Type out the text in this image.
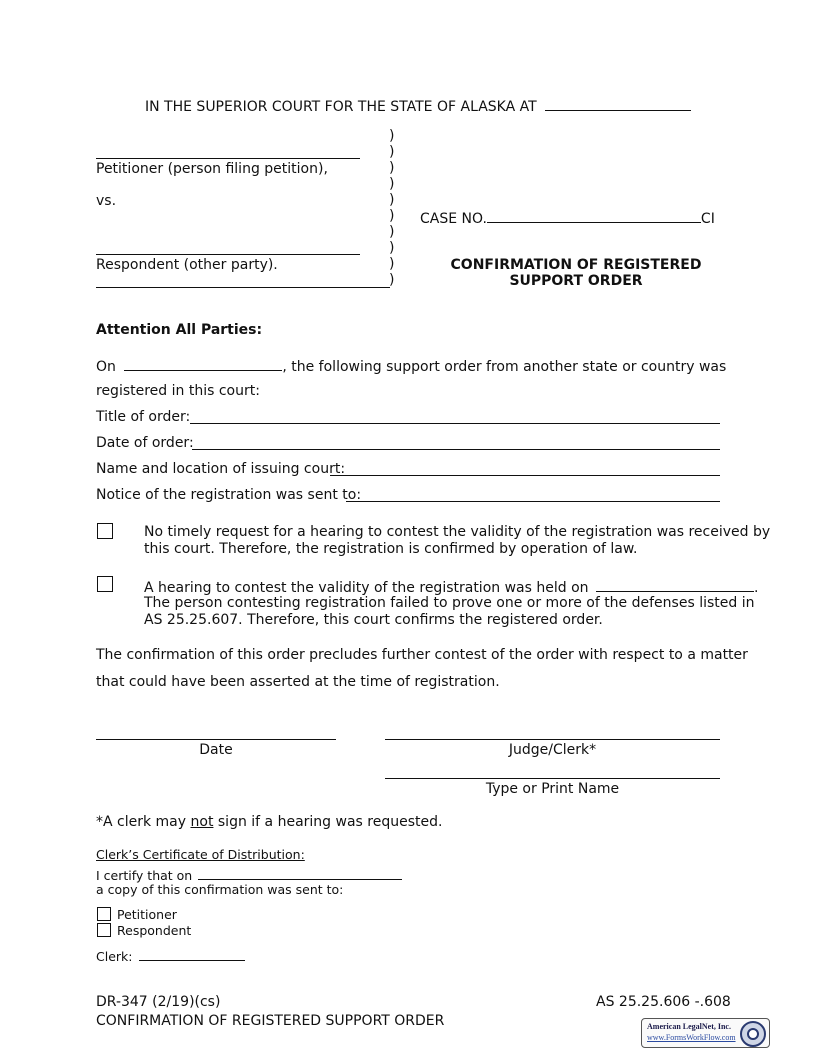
IN THE SUPERIOR COURT FOR THE STATE OF ALASKA AT
Petitioner (person filing petition),
vs.
Respondent (other party).
)
)
)
)
)
)
)
)
)
)
CASE NO.	CI
CONFIRMATION OF REGISTERED
SUPPORT ORDER
Attention All Parties:
On	, the following support order from another state or country was
registered in this court:
Title of order:
Date of order:
Name and location of issuing court:
Notice of the registration was sent to:
No timely request for a hearing to contest the validity of the registration was received by
this court. Therefore, the registration is confirmed by operation of law.
A hearing to contest the validity of the registration was held on	.
The person contesting registration failed to prove one or more of the defenses listed in
AS 25.25.607. Therefore, this court confirms the registered order.
The confirmation of this order precludes further contest of the order with respect to a matter
that could have been asserted at the time of registration.
Date	Judge/Clerk*
Type or Print Name
*A clerk may not sign if a hearing was requested.
Clerk’s Certificate of Distribution:
I certify that on
a copy of this confirmation was sent to:
Petitioner
Respondent
Clerk:
DR-347 (2/19)(cs)
CONFIRMATION OF REGISTERED SUPPORT ORDER
AS 25.25.606 -.608
American LegalNet, Inc.
www.FormsWorkFlow.com
